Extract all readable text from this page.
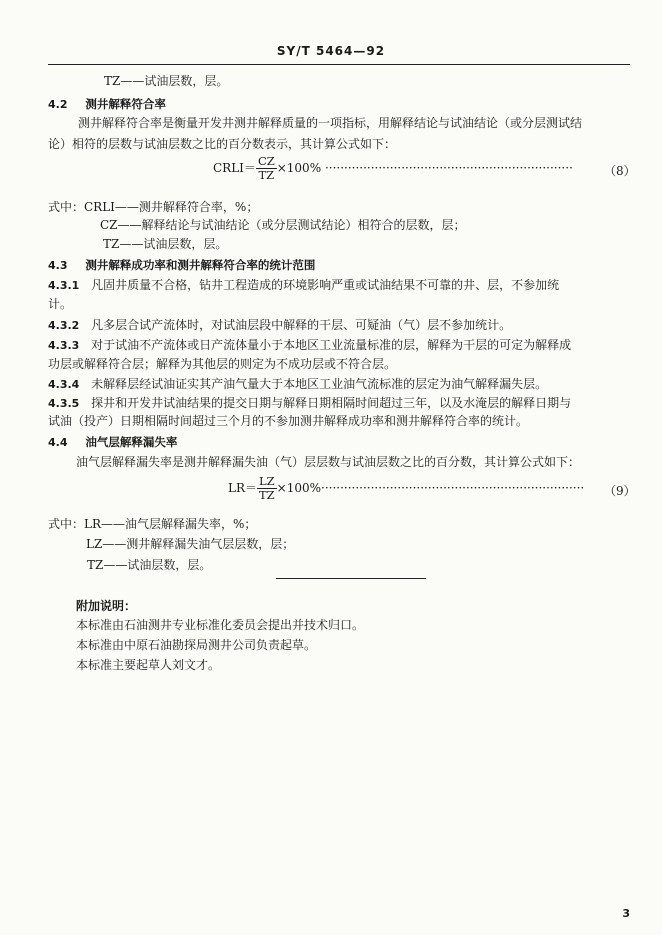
SY/T 5464—92
TZ——试油层数，层。
4.2 测井解释符合率
测井解释符合率是衡量开发井测井解释质量的一项指标，用解释结论与试油结论（或分层测试结
论）相符的层数与试油层数之比的百分数表示，其计算公式如下：
CRLI＝ $\frac{CZ}{TZ} \times 100\%$ ·································································	（8）
式中：CRLI——测井解释符合率，%；
CZ——解释结论与试油结论（或分层测试结论）相符合的层数，层；
TZ——试油层数，层。
4.3 测井解释成功率和测井解释符合率的统计范围
4.3.1 凡固井质量不合格，钻井工程造成的环境影响严重或试油结果不可靠的井、层，不参加统
计。
4.3.2 凡多层合试产流体时，对试油层段中解释的干层、可疑油（气）层不参加统计。
4.3.3 对于试油不产流体或日产流体量小于本地区工业流量标准的层，解释为干层的可定为解释成
功层或解释符合层；解释为其他层的则定为不成功层或不符合层。
4.3.4 未解释层经试油证实其产油气量大于本地区工业油气流标准的层定为油气解释漏失层。
4.3.5 探井和开发井试油结果的提交日期与解释日期相隔时间超过三年，以及水淹层的解释日期与
试油（投产）日期相隔时间超过三个月的不参加测井解释成功率和测井解释符合率的统计。
4.4 油气层解释漏失率
油气层解释漏失率是测井解释漏失油（气）层层数与试油层数之比的百分数，其计算公式如下：
$LR= \frac{LZ}{TZ} \times 100\%\cdot\cdot\cdot\cdot\cdot\cdot\cdot\cdot\cdot\cdot\cdot\cdot\cdot\cdot\cdot\cdot\cdot\cdot\cdot\cdot\cdot\cdot\cdot\cdot\cdot\cdot\cdot\cdot\cdot\cdot\cdot\cdot\cdot\cdot\cdot\cdot\cdot\cdot\cdot\cdot\cdot\cdot\cdot\cdot\cdot\cdot\cdot\cdot\cdot\cdot\cdot\cdot\cdot\cdot\cdot\cdot\cdot\cdot\cdot\cdot\cdot\cdot\cdot\cdot\cdot\cdot\cdot\cdot\cdot (9)$
式中：LR——油气层解释漏失率，%；
LZ——测井解释漏失油气层层数，层；
TZ——试油层数，层。
附加说明：
本标准由石油测井专业标准化委员会提出并技术归口。
本标准由中原石油勘探局测井公司负责起草。
本标准主要起草人刘文才。
3
